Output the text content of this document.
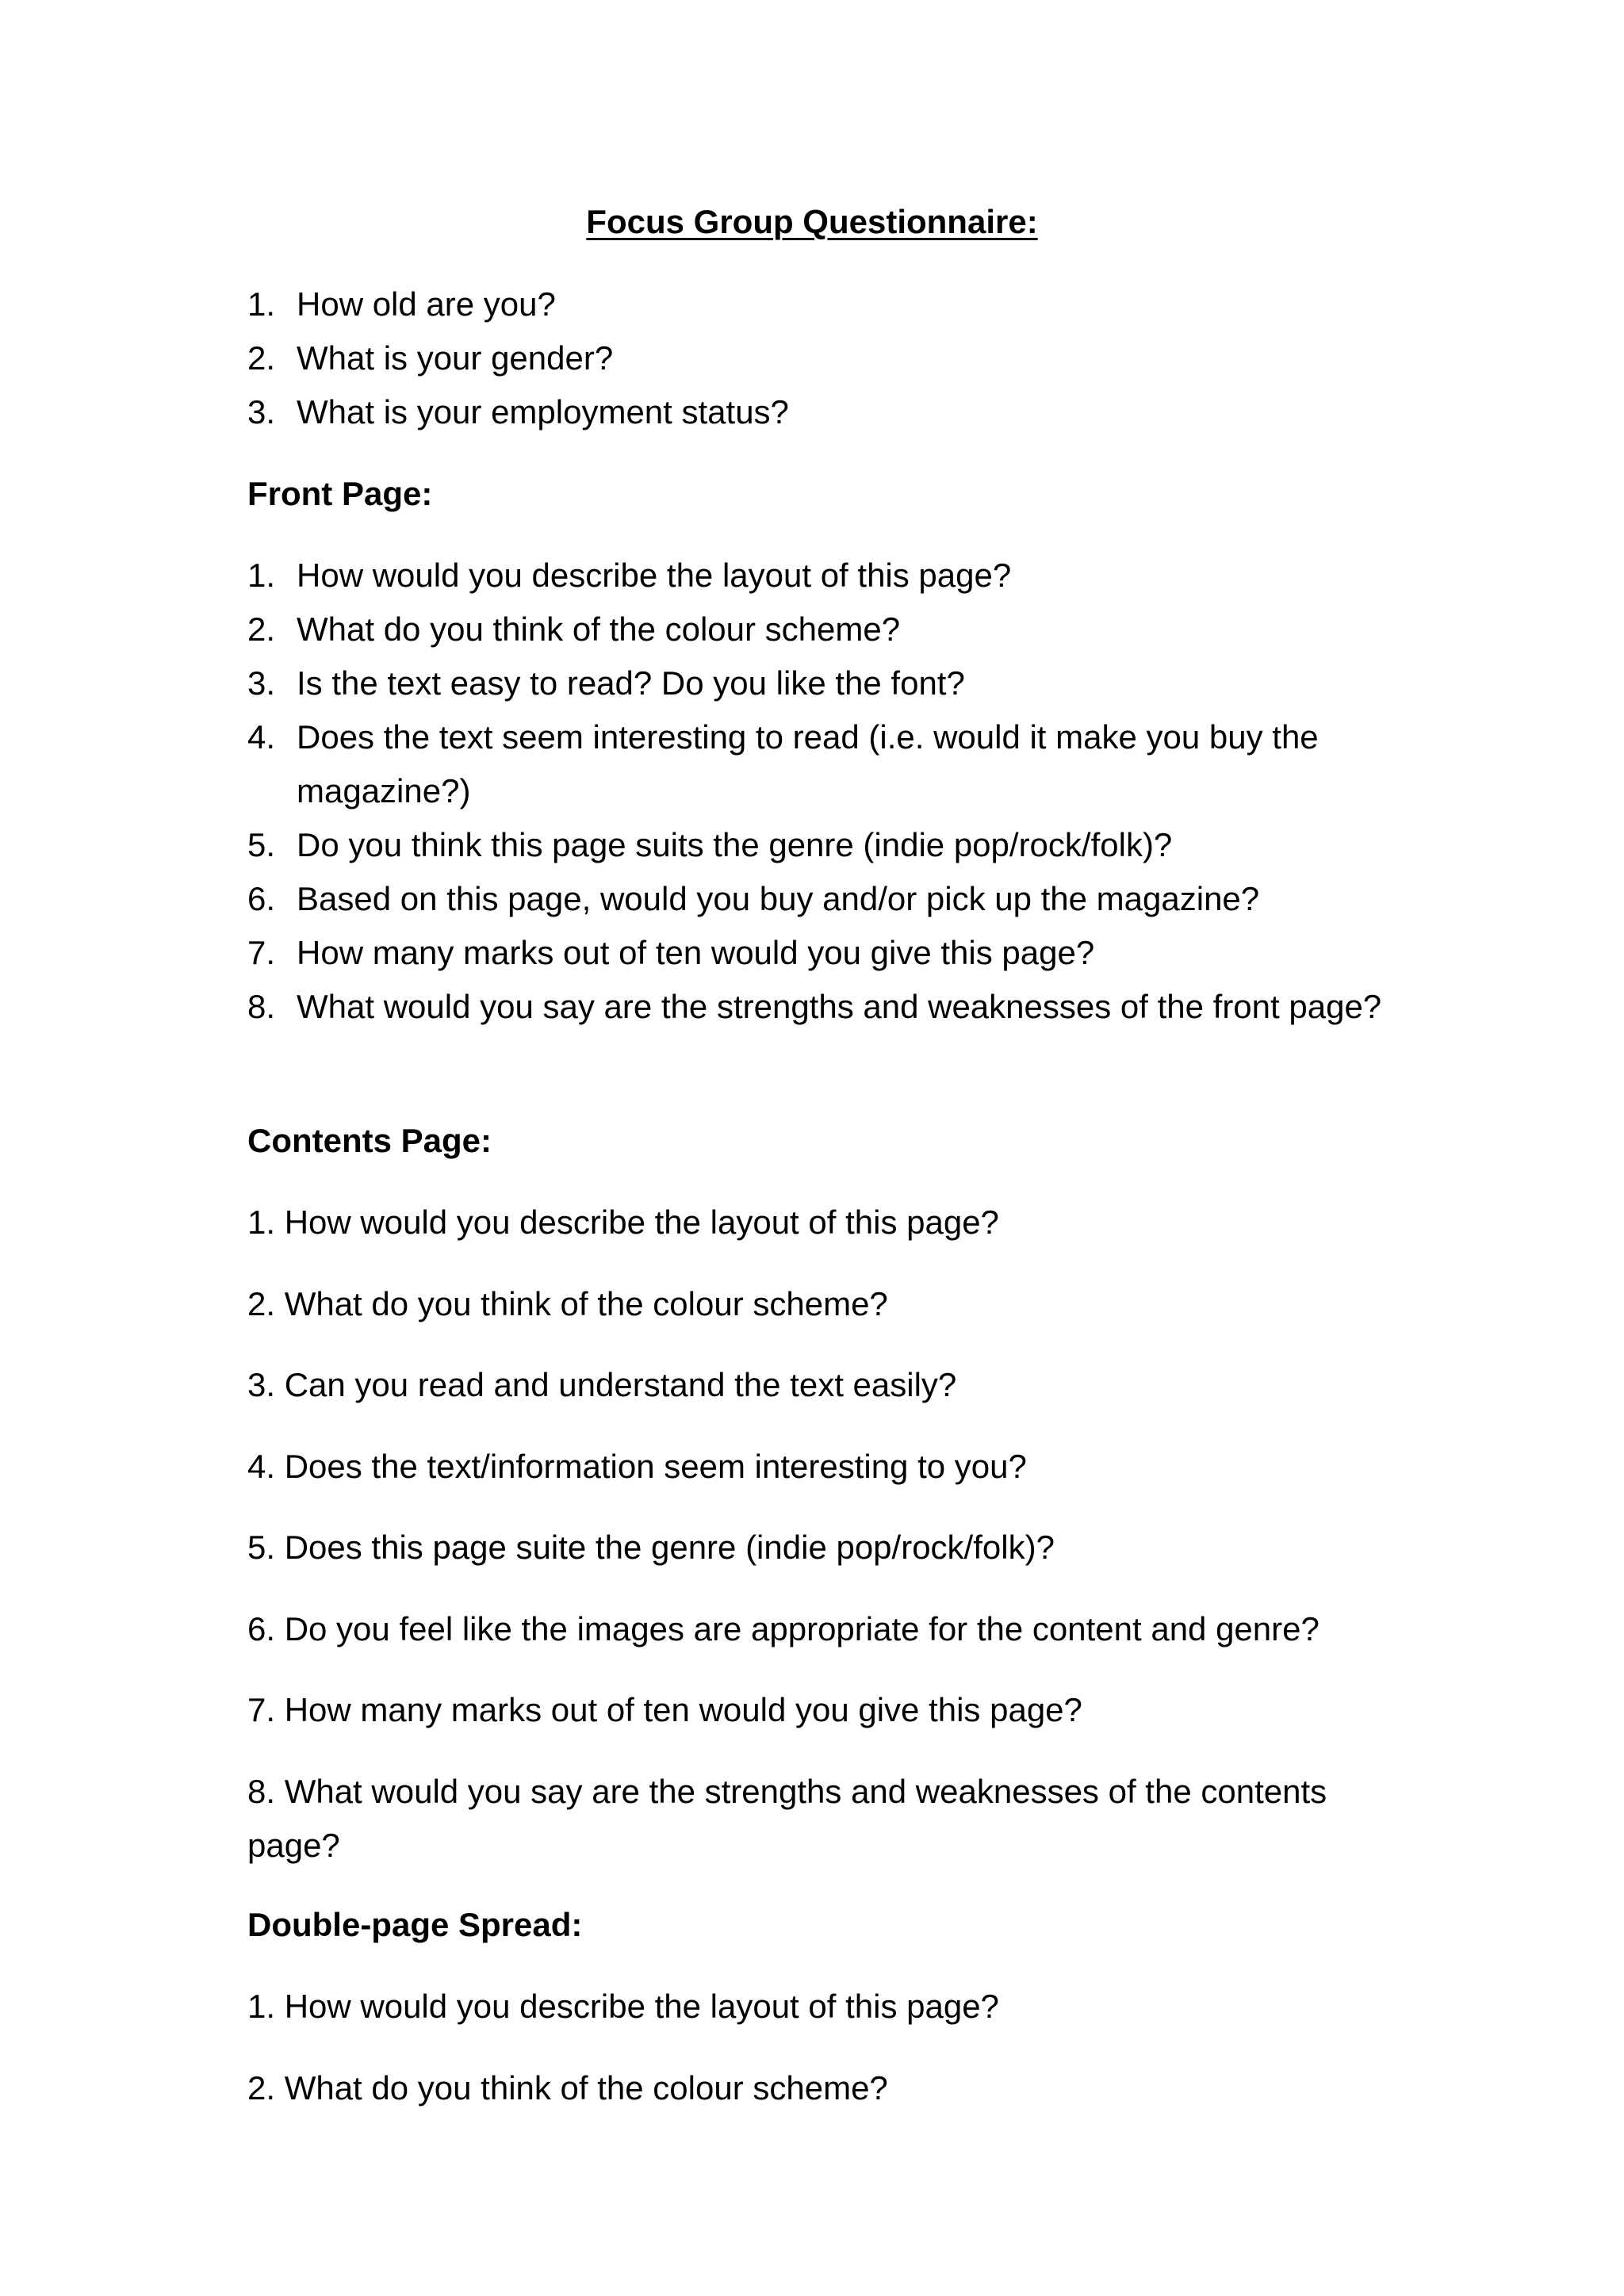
Focus Group Questionnaire:
1. How old are you?
2. What is your gender?
3. What is your employment status?
Front Page:
1. How would you describe the layout of this page?
2. What do you think of the colour scheme?
3. Is the text easy to read? Do you like the font?
4. Does the text seem interesting to read (i.e. would it make you buy the magazine?)
5. Do you think this page suits the genre (indie pop/rock/folk)?
6. Based on this page, would you buy and/or pick up the magazine?
7. How many marks out of ten would you give this page?
8. What would you say are the strengths and weaknesses of the front page?
Contents Page:
1. How would you describe the layout of this page?
2. What do you think of the colour scheme?
3. Can you read and understand the text easily?
4. Does the text/information seem interesting to you?
5. Does this page suite the genre (indie pop/rock/folk)?
6. Do you feel like the images are appropriate for the content and genre?
7. How many marks out of ten would you give this page?
8. What would you say are the strengths and weaknesses of the contents page?
Double-page Spread:
1. How would you describe the layout of this page?
2. What do you think of the colour scheme?
